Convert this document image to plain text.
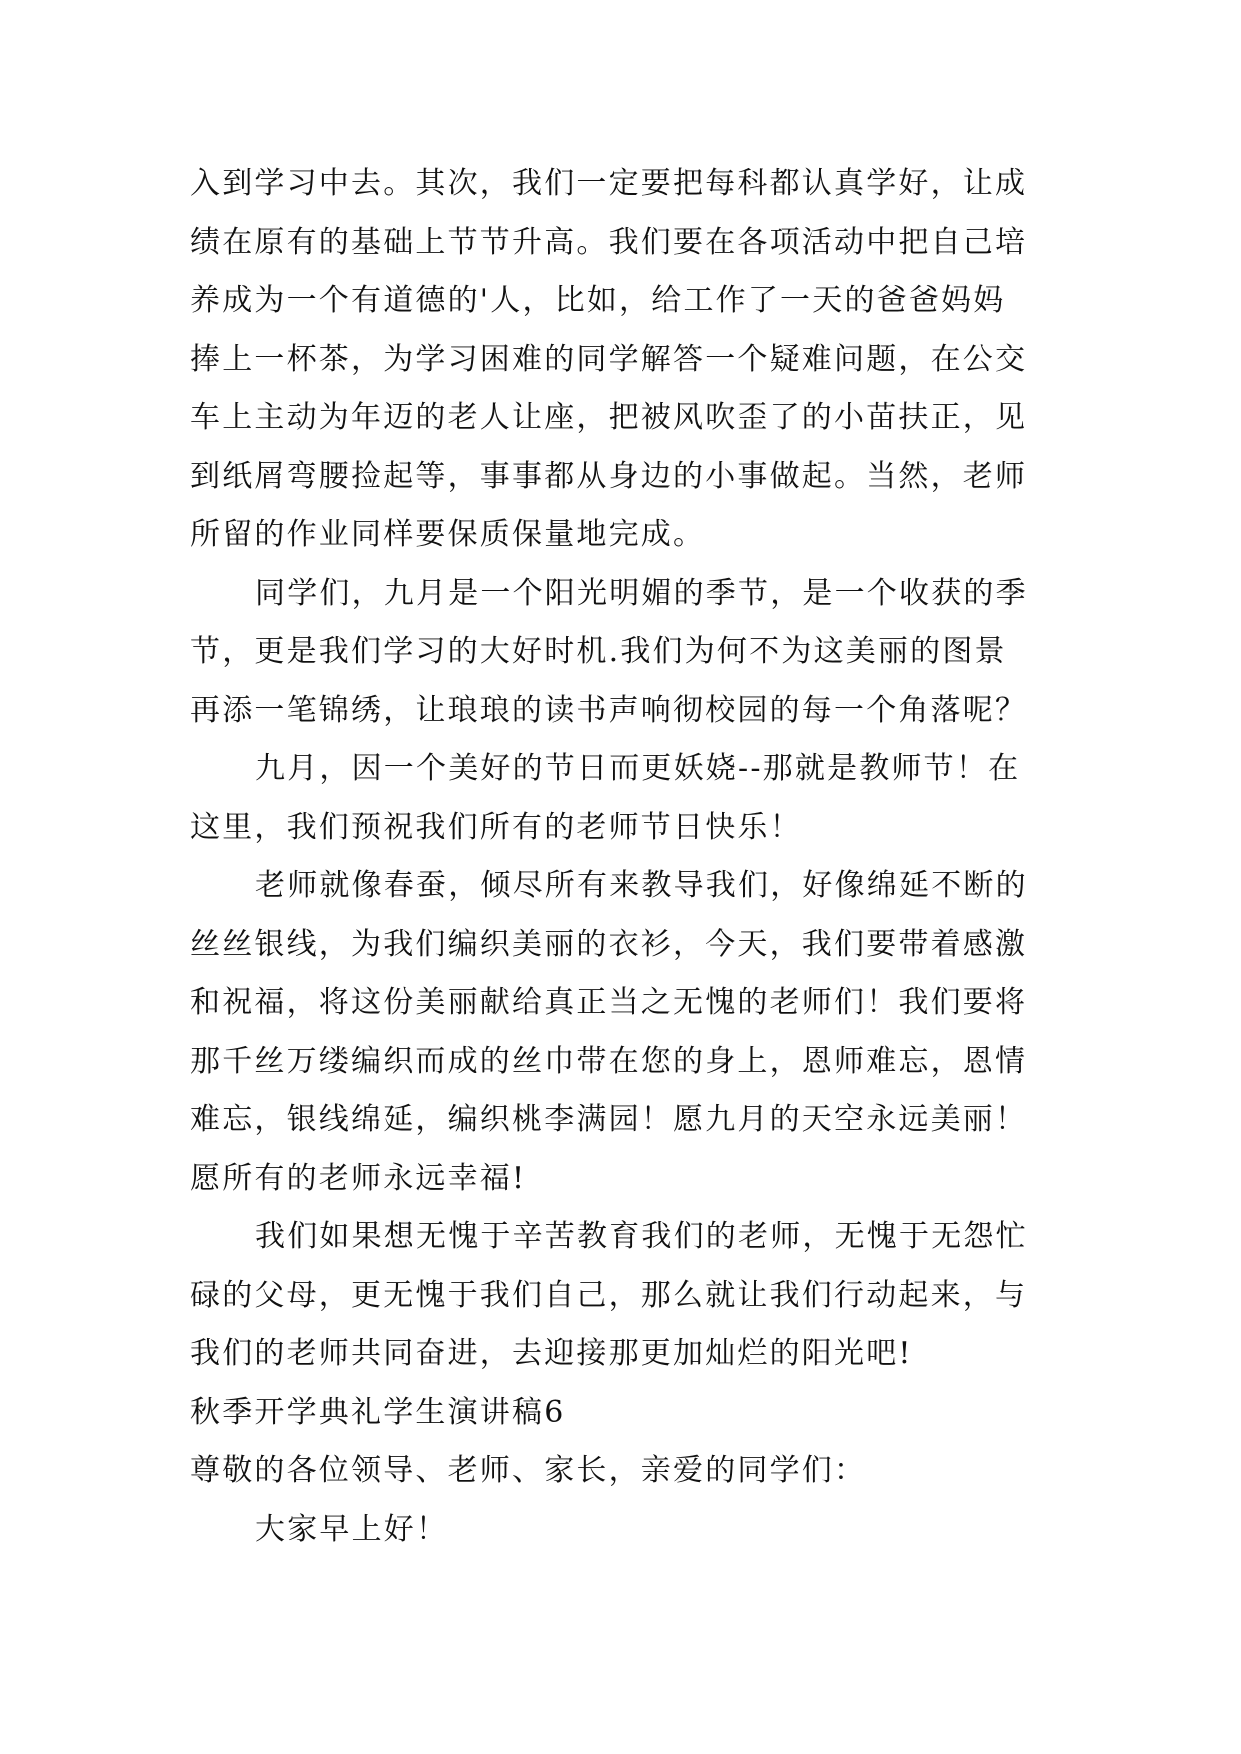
入到学习中去。其次，我们一定要把每科都认真学好，让成

绩在原有的基础上节节升高。我们要在各项活动中把自己培

养成为一个有道德的'人，比如，给工作了一天的爸爸妈妈

捧上一杯茶，为学习困难的同学解答一个疑难问题，在公交

车上主动为年迈的老人让座，把被风吹歪了的小苗扶正，见

到纸屑弯腰捡起等，事事都从身边的小事做起。当然，老师

所留的作业同样要保质保量地完成。

同学们，九月是一个阳光明媚的季节，是一个收获的季

节，更是我们学习的大好时机.我们为何不为这美丽的图景

再添一笔锦绣，让琅琅的读书声响彻校园的每一个角落呢？

九月，因一个美好的节日而更妖娆--那就是教师节！在

这里，我们预祝我们所有的老师节日快乐！

老师就像春蚕，倾尽所有来教导我们，好像绵延不断的

丝丝银线，为我们编织美丽的衣衫，今天，我们要带着感激

和祝福，将这份美丽献给真正当之无愧的老师们！我们要将

那千丝万缕编织而成的丝巾带在您的身上，恩师难忘，恩情

难忘，银线绵延，编织桃李满园！愿九月的天空永远美丽！

愿所有的老师永远幸福!

我们如果想无愧于辛苦教育我们的老师，无愧于无怨忙

碌的父母，更无愧于我们自己，那么就让我们行动起来，与

我们的老师共同奋进，去迎接那更加灿烂的阳光吧!

秋季开学典礼学生演讲稿6

尊敬的各位领导、老师、家长，亲爱的同学们：

大家早上好！
